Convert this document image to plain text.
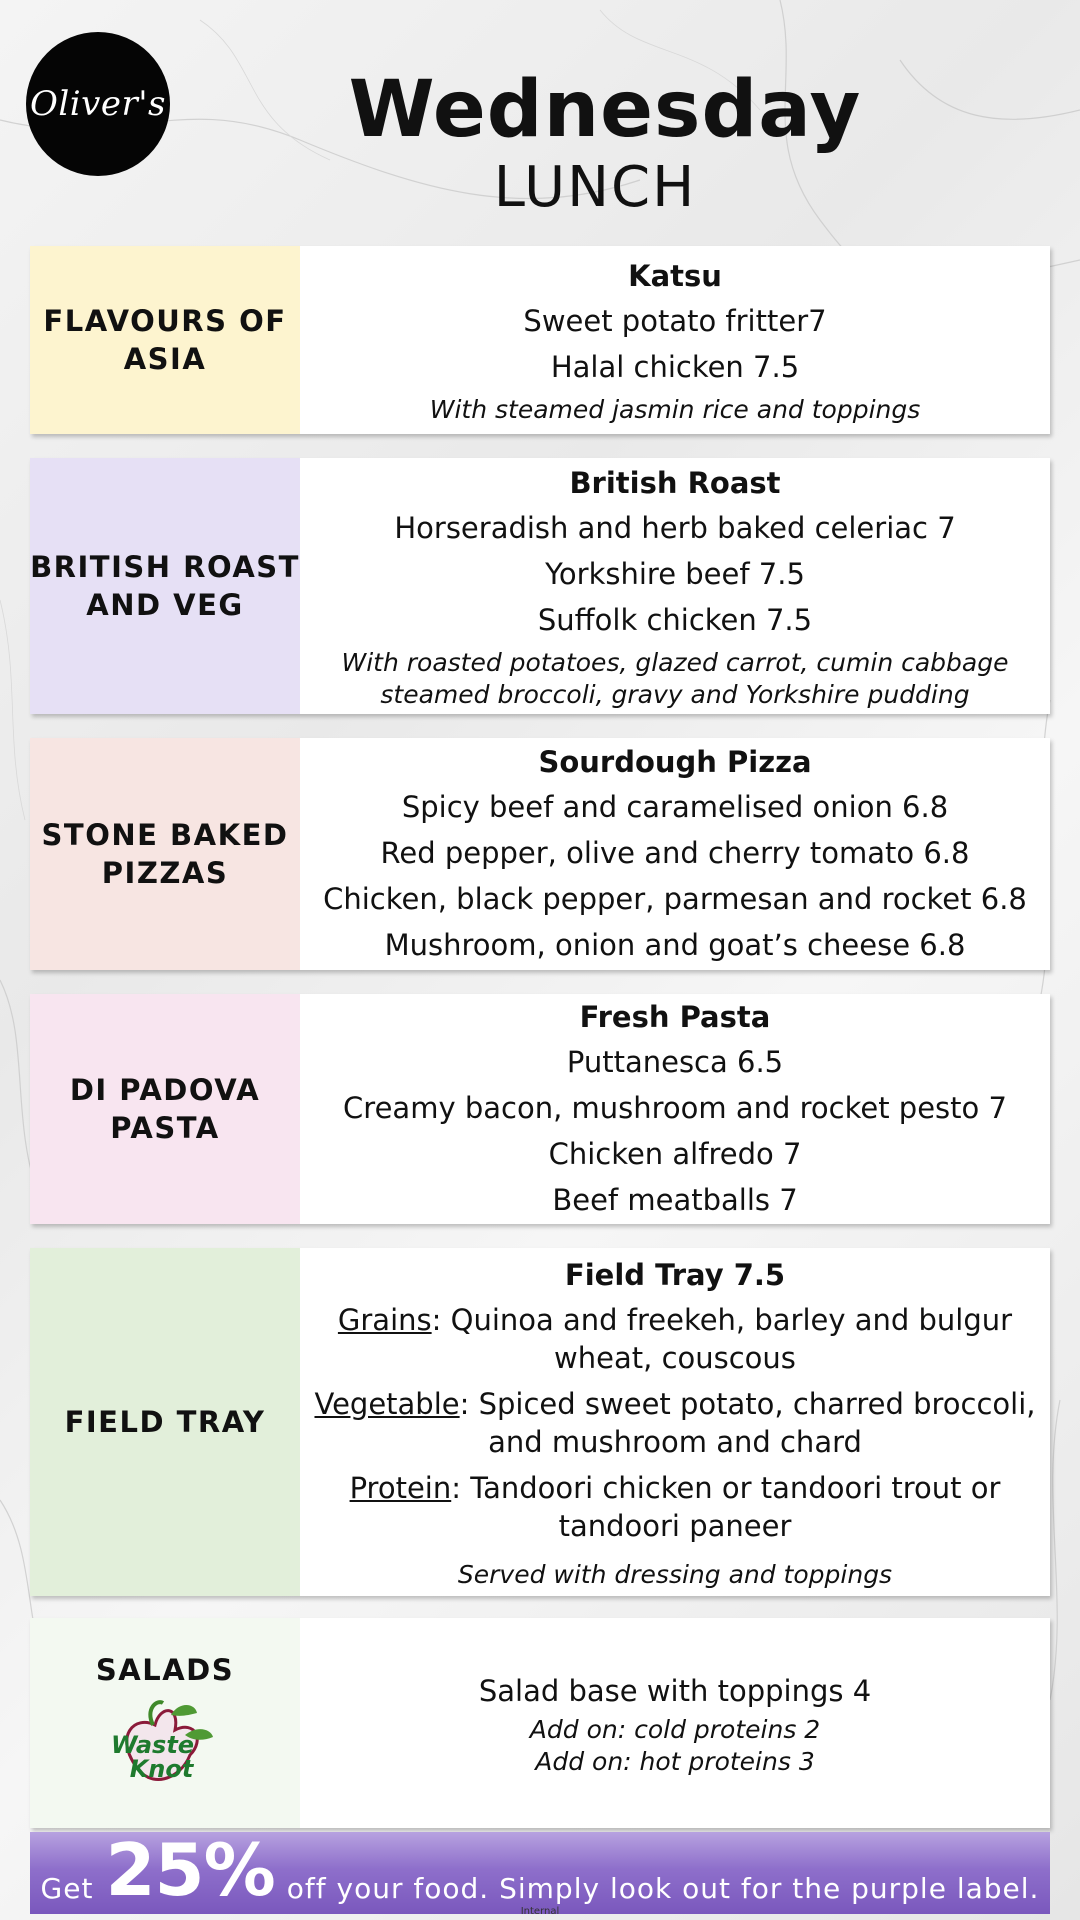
Oliver's	Wednesday
LUNCH
FLAVOURS OF
ASIA
Katsu
Sweet potato fritter7
Halal chicken 7.5
With steamed jasmin rice and toppings
BRITISH ROAST
AND VEG
British Roast
Horseradish and herb baked celeriac 7
Yorkshire beef 7.5
Suffolk chicken 7.5
With roasted potatoes, glazed carrot, cumin cabbage
steamed broccoli, gravy and Yorkshire pudding
STONE BAKED
PIZZAS
Sourdough Pizza
Spicy beef and caramelised onion 6.8
Red pepper, olive and cherry tomato 6.8
Chicken, black pepper, parmesan and rocket 6.8
Mushroom, onion and goat’s cheese 6.8
DI PADOVA
PASTA
Fresh Pasta
Puttanesca 6.5
Creamy bacon, mushroom and rocket pesto 7
Chicken alfredo 7
Beef meatballs 7
FIELD TRAY
Field Tray 7.5
Grains: Quinoa and freekeh, barley and bulgur
wheat, couscous
Vegetable: Spiced sweet potato, charred broccoli,
and mushroom and chard
Protein: Tandoori chicken or tandoori trout or
tandoori paneer
Served with dressing and toppings
SALADS
Waste
Knot
Salad base with toppings 4
Add on: cold proteins 2
Add on: hot proteins 3
Get 25% off your food. Simply look out for the purple label.
Internal
